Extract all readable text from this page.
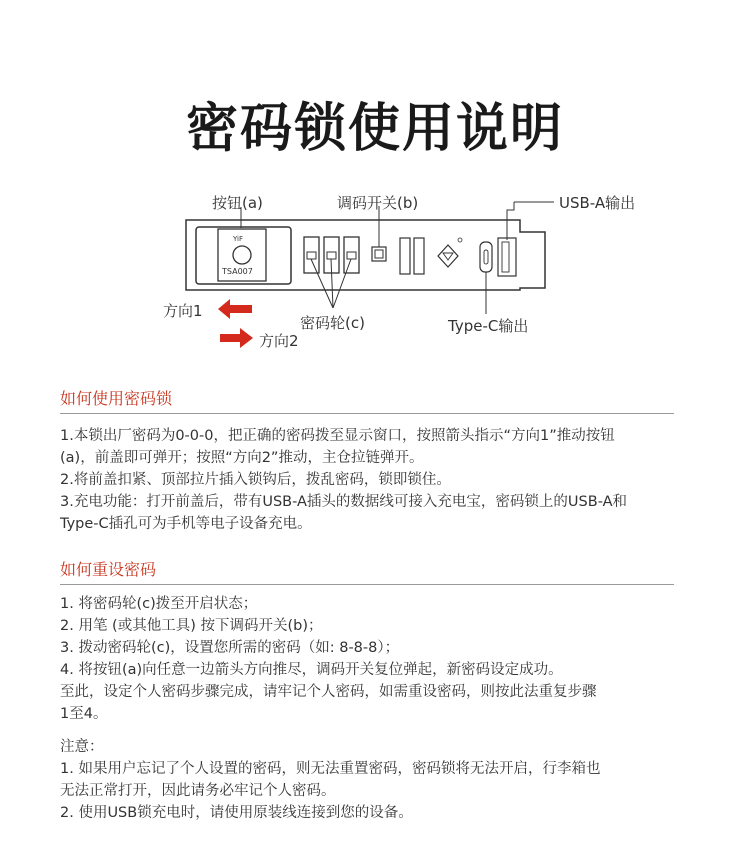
密码锁使用说明
按钮(a)	调码开关(b)	USB-A输出
YiF
TSA007
方向1
方向2
密码轮(c)	Type-C输出
如何使用密码锁
1.本锁出厂密码为0-0-0，把正确的密码拨至显示窗口，按照箭头指示“方向1”推动按钮
(a)，前盖即可弹开；按照“方向2”推动，主仓拉链弹开。
2.将前盖扣紧、顶部拉片插入锁钩后，拨乱密码，锁即锁住。
3.充电功能：打开前盖后，带有USB-A插头的数据线可接入充电宝，密码锁上的USB-A和
Type-C插孔可为手机等电子设备充电。
如何重设密码
1. 将密码轮(c)拨至开启状态；
2. 用笔 (或其他工具) 按下调码开关(b)；
3. 拨动密码轮(c)，设置您所需的密码（如: 8-8-8）；
4. 将按钮(a)向任意一边箭头方向推尽，调码开关复位弹起，新密码设定成功。
至此，设定个人密码步骤完成，请牢记个人密码，如需重设密码，则按此法重复步骤
1至4。
注意：
1. 如果用户忘记了个人设置的密码，则无法重置密码，密码锁将无法开启，行李箱也
无法正常打开，因此请务必牢记个人密码。
2. 使用USB锁充电时，请使用原装线连接到您的设备。
